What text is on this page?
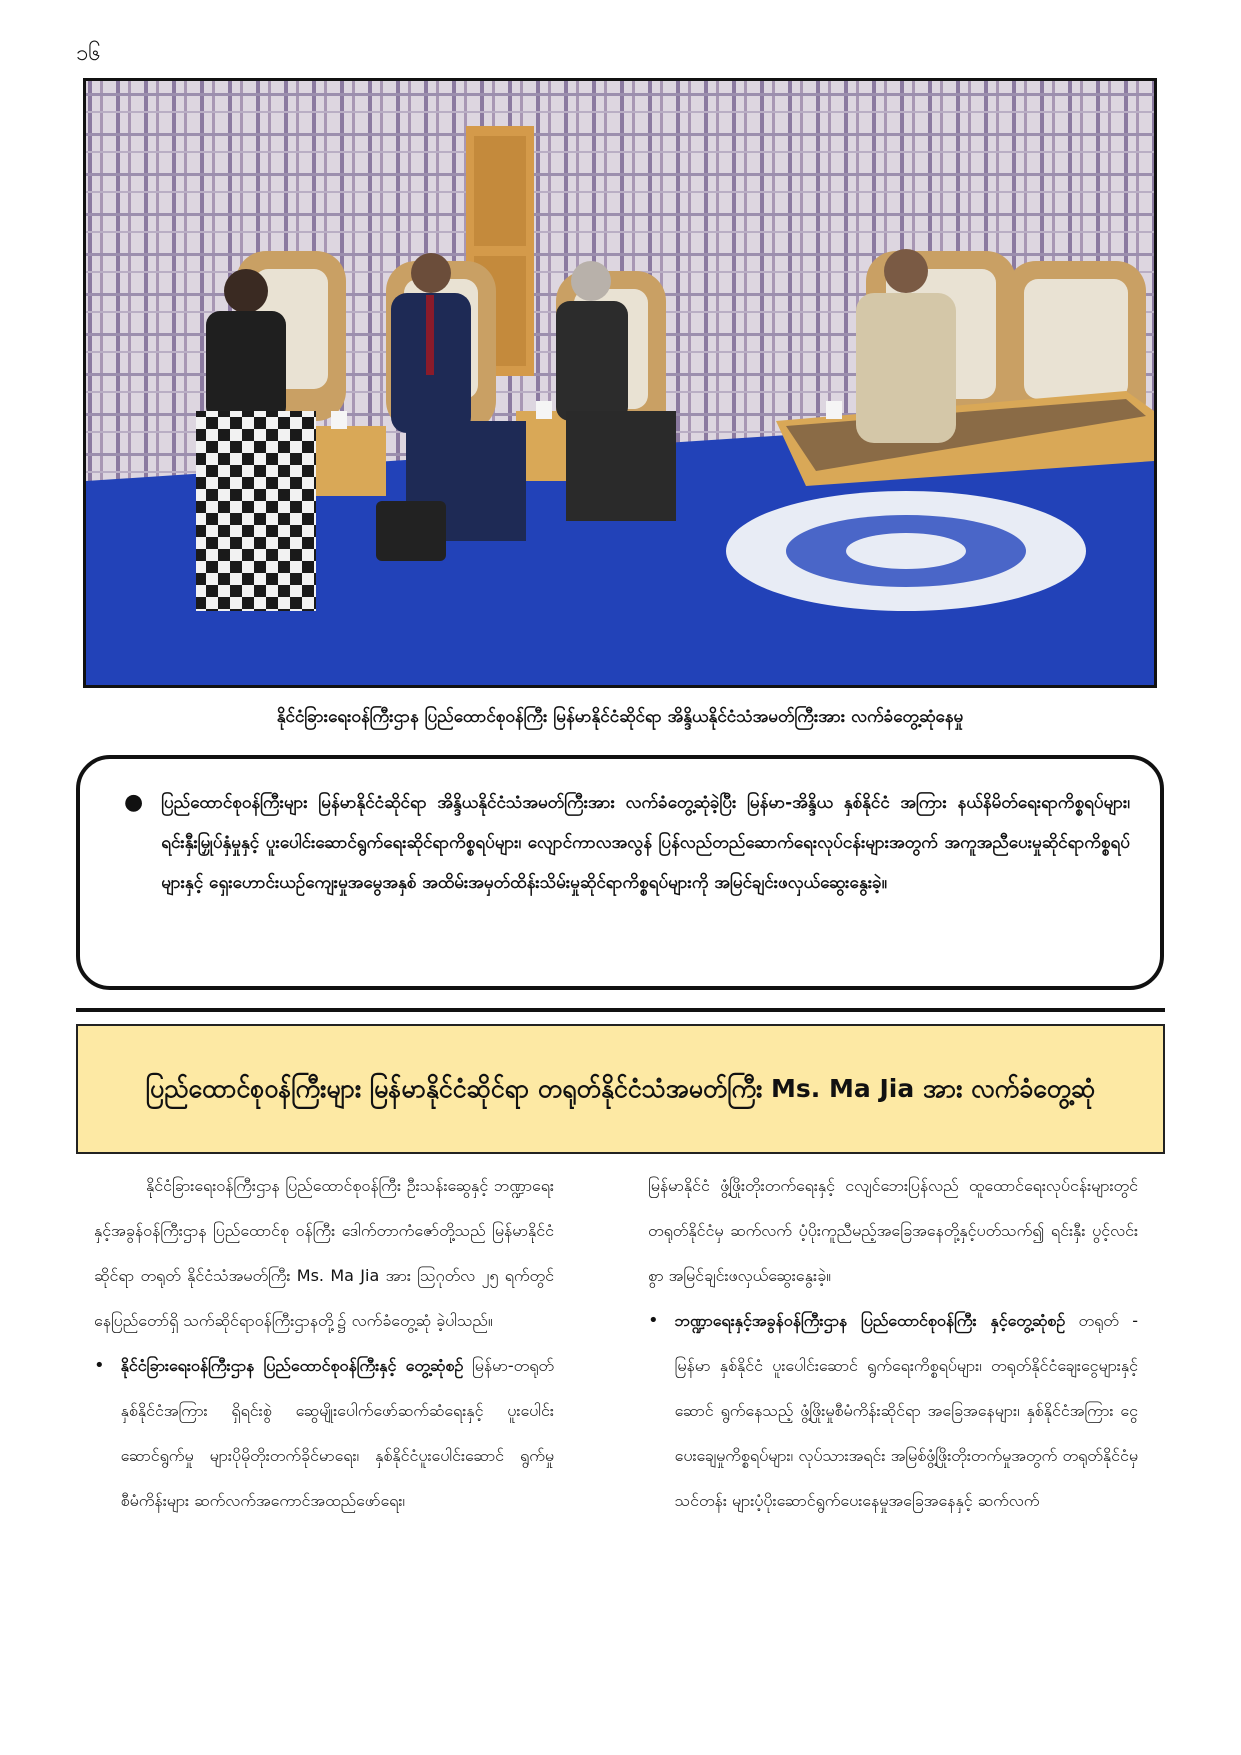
၁၆
နိုင်ငံခြားရေးဝန်ကြီးဌာန ပြည်ထောင်စုဝန်ကြီး မြန်မာနိုင်ငံဆိုင်ရာ အိန္ဒိယနိုင်ငံသံအမတ်ကြီးအား လက်ခံတွေ့ဆုံနေမှု
● ပြည်ထောင်စုဝန်ကြီးများ မြန်မာနိုင်ငံဆိုင်ရာ အိန္ဒိယနိုင်ငံသံအမတ်ကြီးအား လက်ခံတွေ့ဆုံခဲ့ပြီး မြန်မာ-အိန္ဒိယ နှစ်နိုင်ငံ အကြား နယ်နိမိတ်ရေးရာကိစ္စရပ်များ၊ ရင်းနှီးမြှုပ်နှံမှုနှင့် ပူးပေါင်းဆောင်ရွက်ရေးဆိုင်ရာကိစ္စရပ်များ၊ လျောင်ကာလအလွန် ပြန်လည်တည်ဆောက်ရေးလုပ်ငန်းများအတွက် အကူအညီပေးမှုဆိုင်ရာကိစ္စရပ်များနှင့် ရှေးဟောင်းယဉ်ကျေးမှုအမွေအနှစ် အထိမ်းအမှတ်ထိန်းသိမ်းမှုဆိုင်ရာကိစ္စရပ်များကို အမြင်ချင်းဖလှယ်ဆွေးနွေးခဲ့။

ပြည်ထောင်စုဝန်ကြီးများ မြန်မာနိုင်ငံဆိုင်ရာ တရုတ်နိုင်ငံသံအမတ်ကြီး Ms. Ma Jia အား လက်ခံတွေ့ဆုံ

နိုင်ငံခြားရေးဝန်ကြီးဌာန ပြည်ထောင်စုဝန်ကြီး ဦးသန်းဆွေနှင့် ဘဏ္ဍာရေးနှင့်အခွန်ဝန်ကြီးဌာန ပြည်ထောင်စု ဝန်ကြီး ဒေါက်တာကံဇော်တို့သည် မြန်မာနိုင်ငံဆိုင်ရာ တရုတ် နိုင်ငံသံအမတ်ကြီး Ms. Ma Jia အား ဩဂုတ်လ ၂၅ ရက်တွင် နေပြည်တော်ရှိ သက်ဆိုင်ရာဝန်ကြီးဌာနတို့၌ လက်ခံတွေ့ဆုံ ခဲ့ပါသည်။

• နိုင်ငံခြားရေးဝန်ကြီးဌာန ပြည်ထောင်စုဝန်ကြီးနှင့် တွေ့ဆုံစဉ် မြန်မာ-တရုတ် နှစ်နိုင်ငံအကြား ရှိရင်းစွဲ ဆွေမျိုးပေါက်ဖော်ဆက်ဆံရေးနှင့် ပူးပေါင်းဆောင်ရွက်မှု များပိုမိုတိုးတက်ခိုင်မာရေး၊ နှစ်နိုင်ငံပူးပေါင်းဆောင် ရွက်မှုစီမံကိန်းများ ဆက်လက်အကောင်အထည်ဖော်ရေး၊

မြန်မာနိုင်ငံ ဖွံ့ဖြိုးတိုးတက်ရေးနှင့် ငလျင်ဘေးပြန်လည် ထူထောင်ရေးလုပ်ငန်းများတွင် တရုတ်နိုင်ငံမှ ဆက်လက် ပံ့ပိုးကူညီမည့်အခြေအနေတို့နှင့်ပတ်သက်၍ ရင်းနှီး ပွင့်လင်းစွာ အမြင်ချင်းဖလှယ်ဆွေးနွေးခဲ့။

• ဘဏ္ဍာရေးနှင့်အခွန်ဝန်ကြီးဌာန ပြည်ထောင်စုဝန်ကြီး နှင့်တွေ့ဆုံစဉ် တရုတ် - မြန်မာ နှစ်နိုင်ငံ ပူးပေါင်းဆောင် ရွက်ရေးကိစ္စရပ်များ၊ တရုတ်နိုင်ငံချေးငွေများနှင့်ဆောင် ရွက်နေသည့် ဖွံ့ဖြိုးမှုစီမံကိန်းဆိုင်ရာ အခြေအနေများ၊ နှစ်နိုင်ငံအကြား ငွေပေးချေမှုကိစ္စရပ်များ၊ လုပ်သားအရင်း အမြစ်ဖွံ့ဖြိုးတိုးတက်မှုအတွက် တရုတ်နိုင်ငံမှ သင်တန်း များပံ့ပိုးဆောင်ရွက်ပေးနေမှုအခြေအနေနှင့် ဆက်လက်
